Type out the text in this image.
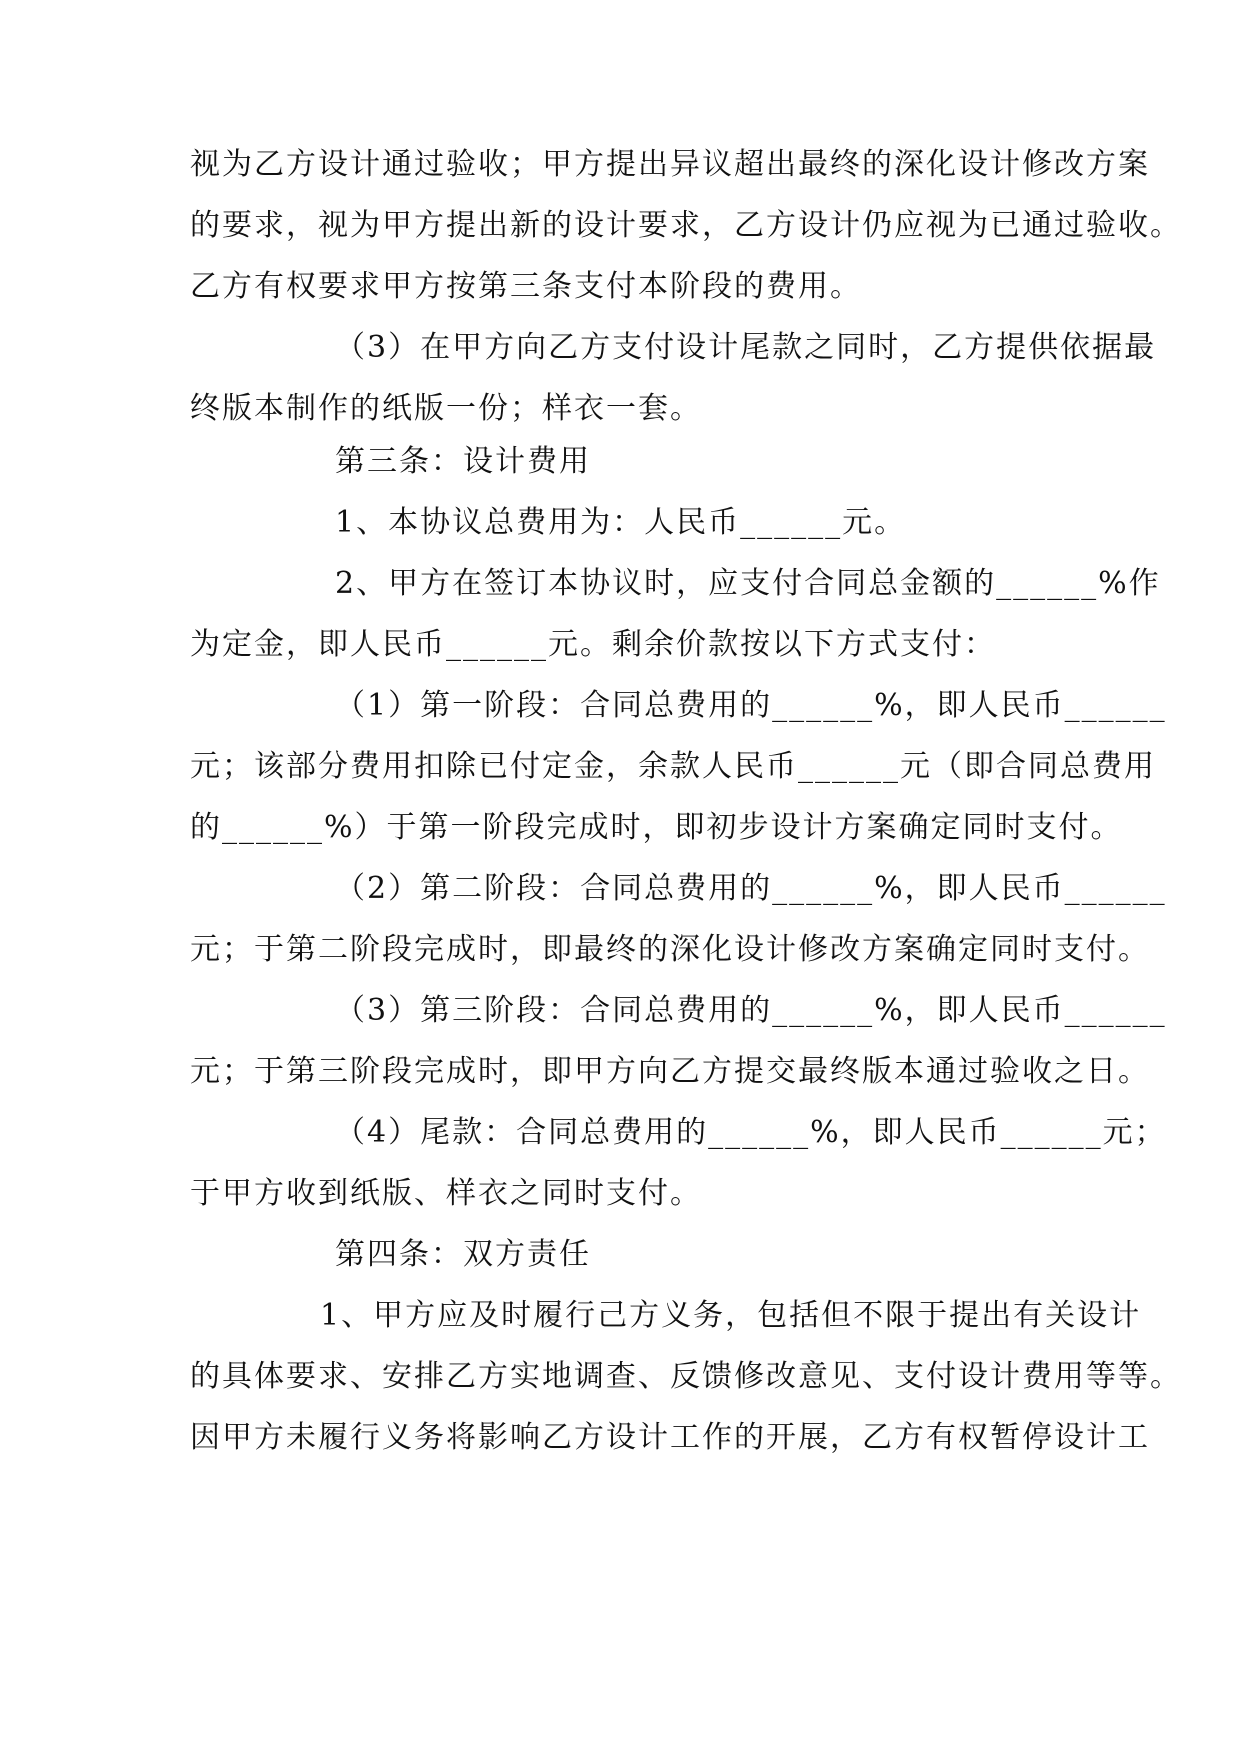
视为乙方设计通过验收；甲方提出异议超出最终的深化设计修改方案
的要求，视为甲方提出新的设计要求，乙方设计仍应视为已通过验收。
乙方有权要求甲方按第三条支付本阶段的费用。
（3）在甲方向乙方支付设计尾款之同时，乙方提供依据最
终版本制作的纸版一份；样衣一套。
第三条：设计费用
1、本协议总费用为：人民币______元。
2、甲方在签订本协议时，应支付合同总金额的______%作
为定金，即人民币______元。剩余价款按以下方式支付：
（1）第一阶段：合同总费用的______%，即人民币______
元；该部分费用扣除已付定金，余款人民币______元（即合同总费用
的______%）于第一阶段完成时，即初步设计方案确定同时支付。
（2）第二阶段：合同总费用的______%，即人民币______
元；于第二阶段完成时，即最终的深化设计修改方案确定同时支付。
（3）第三阶段：合同总费用的______%，即人民币______
元；于第三阶段完成时，即甲方向乙方提交最终版本通过验收之日。
（4）尾款：合同总费用的______%，即人民币______元；
于甲方收到纸版、样衣之同时支付。
第四条：双方责任
1、甲方应及时履行己方义务，包括但不限于提出有关设计
的具体要求、安排乙方实地调查、反馈修改意见、支付设计费用等等。
因甲方未履行义务将影响乙方设计工作的开展，乙方有权暂停设计工
